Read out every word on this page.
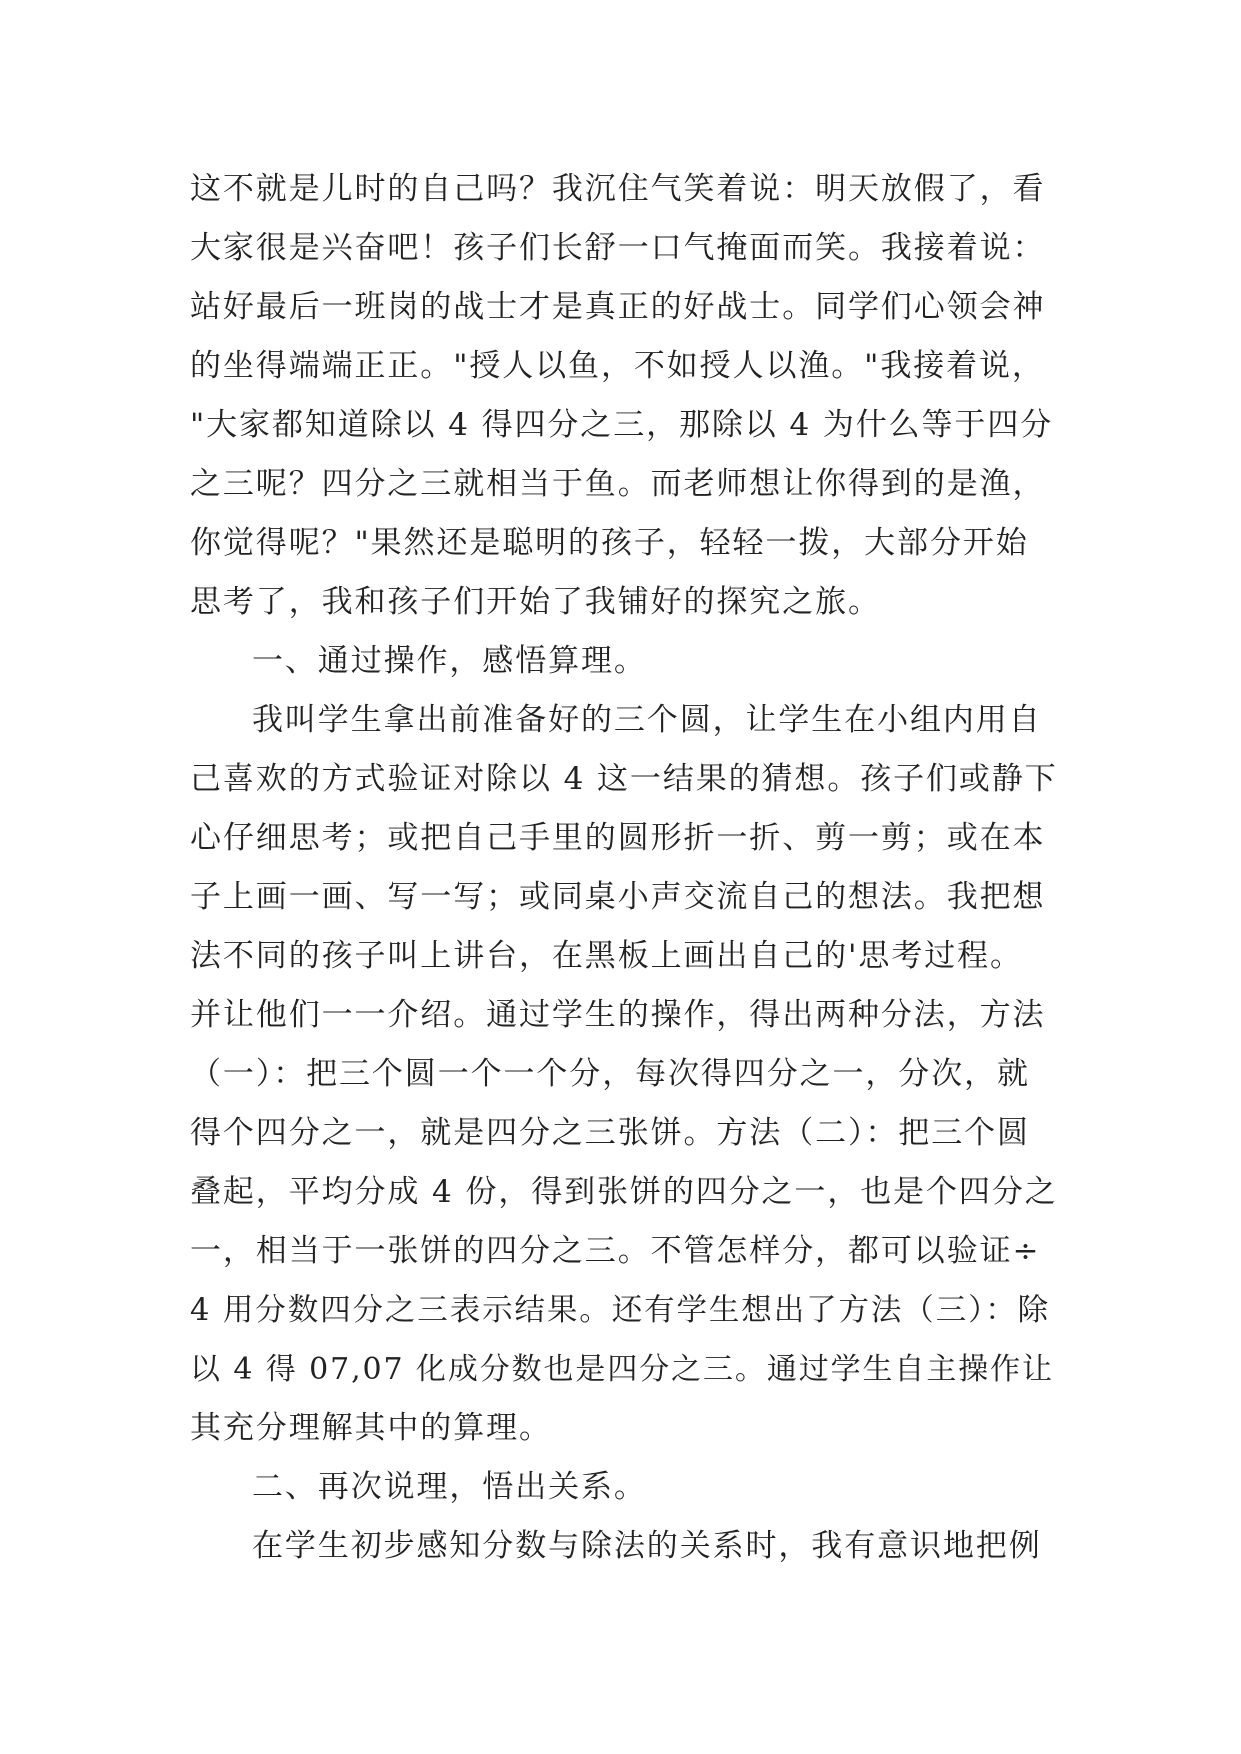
这不就是儿时的自己吗？我沉住气笑着说：明天放假了，看
大家很是兴奋吧！孩子们长舒一口气掩面而笑。我接着说：
站好最后一班岗的战士才是真正的好战士。同学们心领会神
的坐得端端正正。"授人以鱼，不如授人以渔。"我接着说，
"大家都知道除以 4 得四分之三，那除以 4 为什么等于四分
之三呢？四分之三就相当于鱼。而老师想让你得到的是渔，
你觉得呢？"果然还是聪明的孩子，轻轻一拨，大部分开始
思考了，我和孩子们开始了我铺好的探究之旅。
一、通过操作，感悟算理。
我叫学生拿出前准备好的三个圆，让学生在小组内用自
己喜欢的方式验证对除以 4 这一结果的猜想。孩子们或静下
心仔细思考；或把自己手里的圆形折一折、剪一剪；或在本
子上画一画、写一写；或同桌小声交流自己的想法。我把想
法不同的孩子叫上讲台，在黑板上画出自己的'思考过程。
并让他们一一介绍。通过学生的操作，得出两种分法，方法
（一）：把三个圆一个一个分，每次得四分之一，分次，就
得个四分之一，就是四分之三张饼。方法（二）：把三个圆
叠起，平均分成 4 份，得到张饼的四分之一，也是个四分之
一，相当于一张饼的四分之三。不管怎样分，都可以验证÷
4 用分数四分之三表示结果。还有学生想出了方法（三）：除
以 4 得 07,07 化成分数也是四分之三。通过学生自主操作让
其充分理解其中的算理。
二、再次说理，悟出关系。
在学生初步感知分数与除法的关系时，我有意识地把例
